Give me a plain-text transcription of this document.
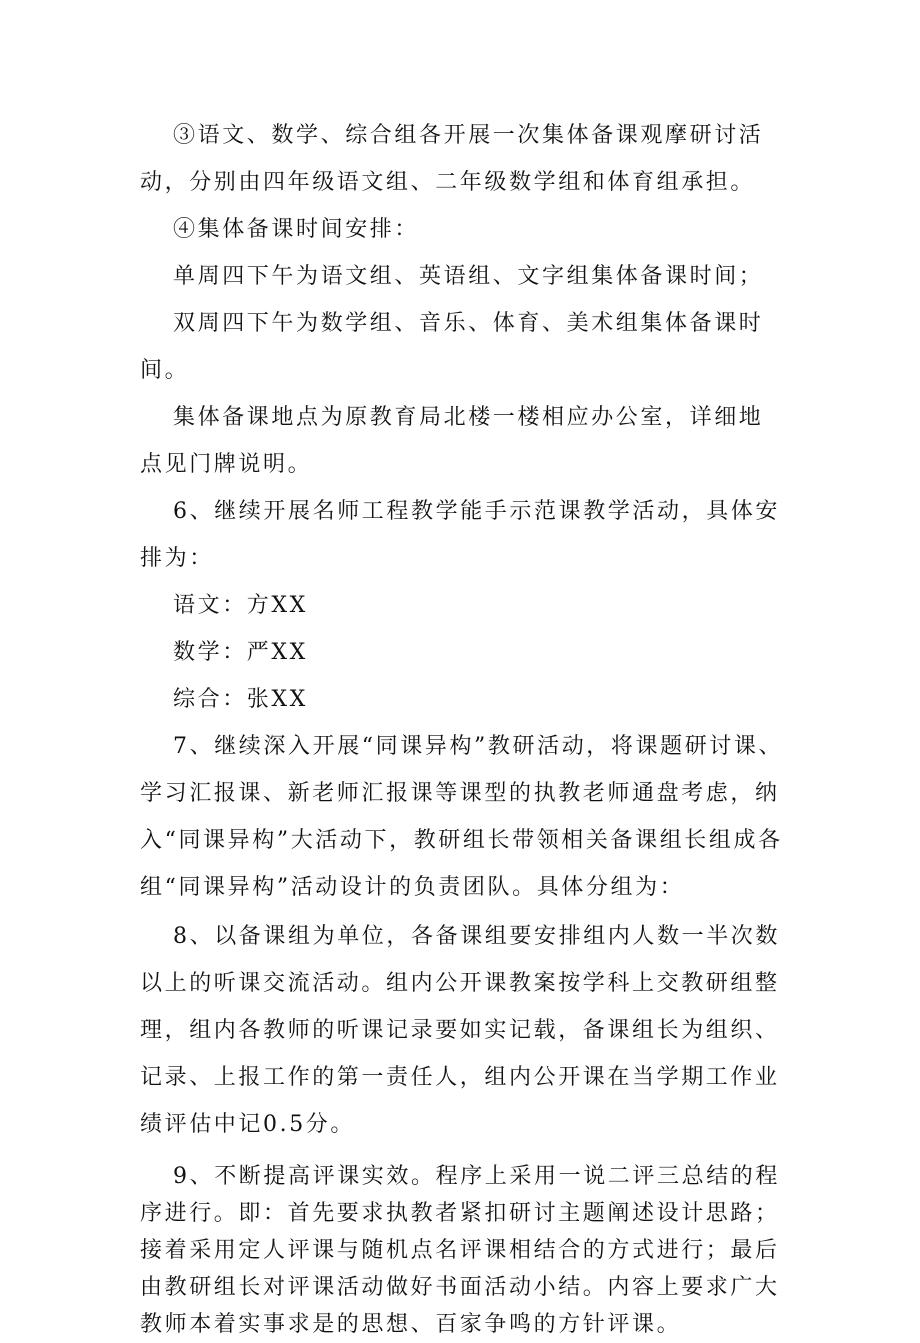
③语文、数学、综合组各开展一次集体备课观摩研讨活动，分别由四年级语文组、二年级数学组和体育组承担。

④集体备课时间安排：

单周四下午为语文组、英语组、文字组集体备课时间；

双周四下午为数学组、音乐、体育、美术组集体备课时间。

集体备课地点为原教育局北楼一楼相应办公室，详细地点见门牌说明。

6、继续开展名师工程教学能手示范课教学活动，具体安排为：

语文：方XX

数学：严XX

综合：张XX

7、继续深入开展“同课异构”教研活动，将课题研讨课、学习汇报课、新老师汇报课等课型的执教老师通盘考虑，纳入“同课异构”大活动下，教研组长带领相关备课组长组成各组“同课异构”活动设计的负责团队。具体分组为：

8、以备课组为单位，各备课组要安排组内人数一半次数以上的听课交流活动。组内公开课教案按学科上交教研组整理，组内各教师的听课记录要如实记载，备课组长为组织、记录、上报工作的第一责任人，组内公开课在当学期工作业绩评估中记0.5分。

9、不断提高评课实效。程序上采用一说二评三总结的程序进行。即：首先要求执教者紧扣研讨主题阐述设计思路；接着采用定人评课与随机点名评课相结合的方式进行；最后由教研组长对评课活动做好书面活动小结。内容上要求广大教师本着实事求是的思想、百家争鸣的方针评课。
